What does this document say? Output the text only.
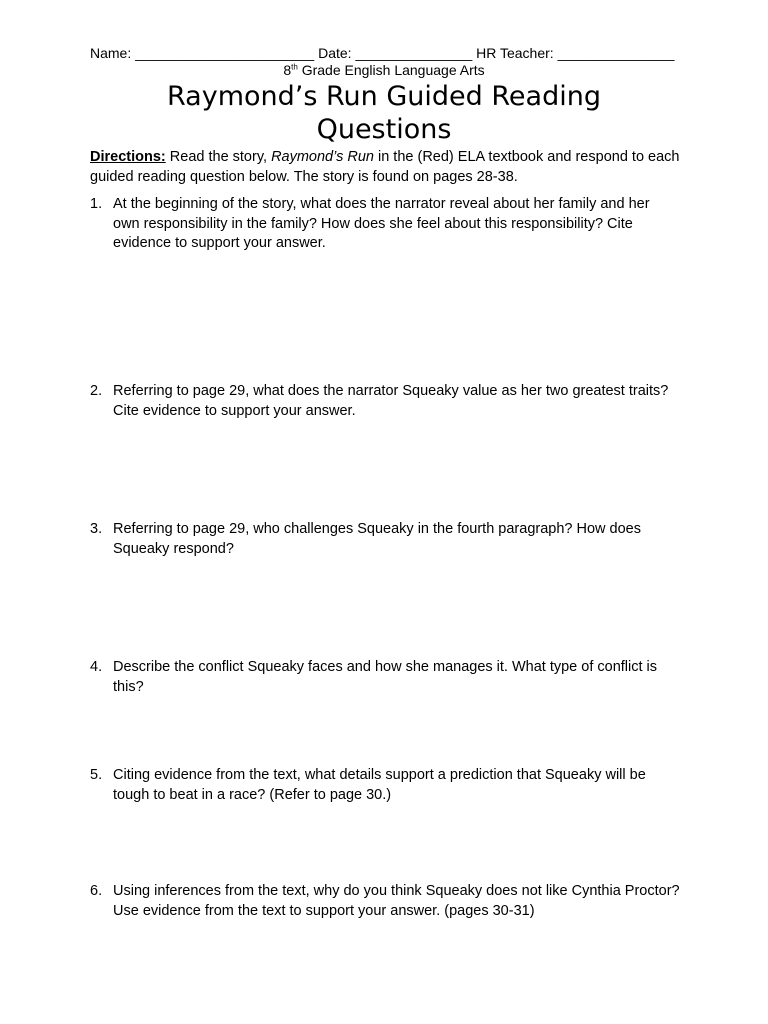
Name: _______________________ Date: _______________ HR Teacher: _______________
8th Grade English Language Arts
Raymond’s Run Guided Reading Questions
Directions: Read the story, Raymond’s Run in the (Red) ELA textbook and respond to each guided reading question below. The story is found on pages 28-38.
1. At the beginning of the story, what does the narrator reveal about her family and her own responsibility in the family? How does she feel about this responsibility? Cite evidence to support your answer.
2. Referring to page 29, what does the narrator Squeaky value as her two greatest traits? Cite evidence to support your answer.
3. Referring to page 29, who challenges Squeaky in the fourth paragraph? How does Squeaky respond?
4. Describe the conflict Squeaky faces and how she manages it. What type of conflict is this?
5. Citing evidence from the text, what details support a prediction that Squeaky will be tough to beat in a race? (Refer to page 30.)
6. Using inferences from the text, why do you think Squeaky does not like Cynthia Proctor? Use evidence from the text to support your answer. (pages 30-31)
